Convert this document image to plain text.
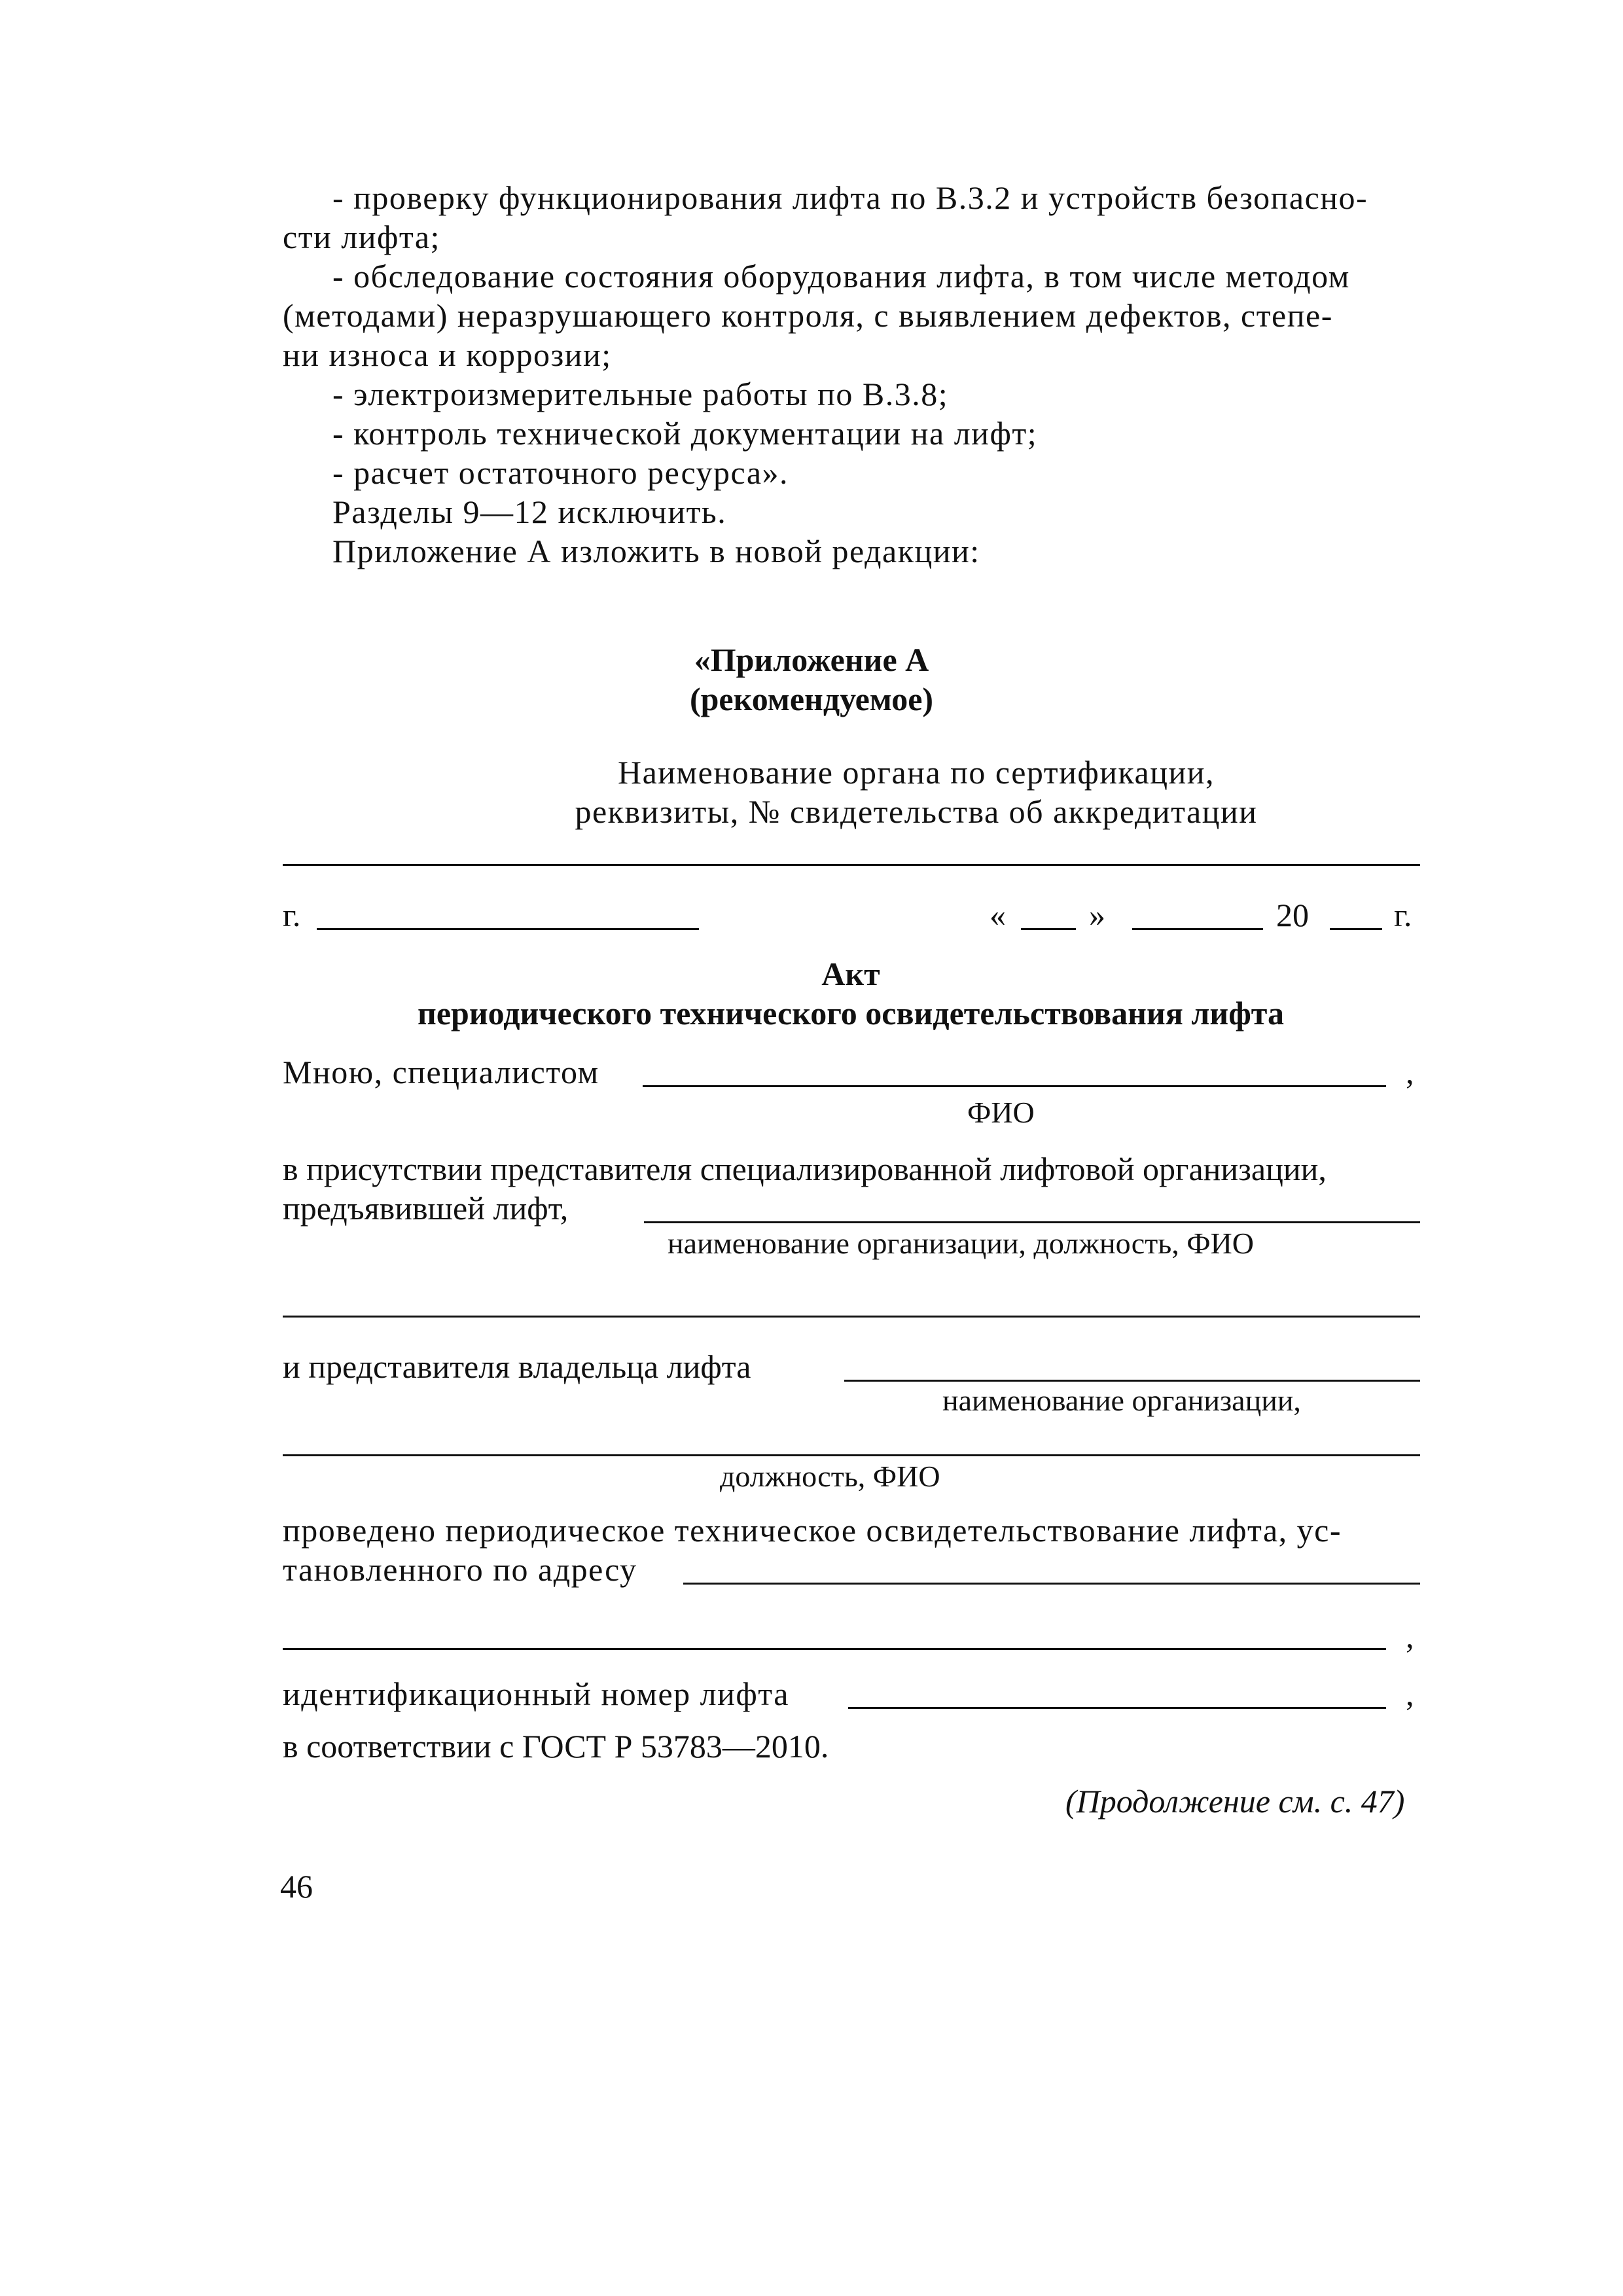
- проверку функционирования лифта по В.3.2 и устройств безопасно-
сти лифта;
- обследование состояния оборудования лифта, в том числе методом
(методами) неразрушающего контроля, с выявлением дефектов, степе-
ни износа и коррозии;
- электроизмерительные работы по В.3.8;
- контроль технической документации на лифт;
- расчет остаточного ресурса».
Разделы 9—12 исключить.
Приложение А изложить в новой редакции:
«Приложение А
(рекомендуемое)
Наименование органа по сертификации,
реквизиты, № свидетельства об аккредитации
г.	«	»	20	г.
Акт
периодического технического освидетельствования лифта
Мною, специалистом	,
ФИО
в присутствии представителя специализированной лифтовой организации,
предъявившей лифт,
наименование организации, должность, ФИО
и представителя владельца лифта
наименование организации,
должность, ФИО
проведено периодическое техническое освидетельствование лифта, ус-
тановленного по адресу
,
идентификационный номер лифта	,
в соответствии с ГОСТ Р 53783—2010.
(Продолжение см. с. 47)
46
